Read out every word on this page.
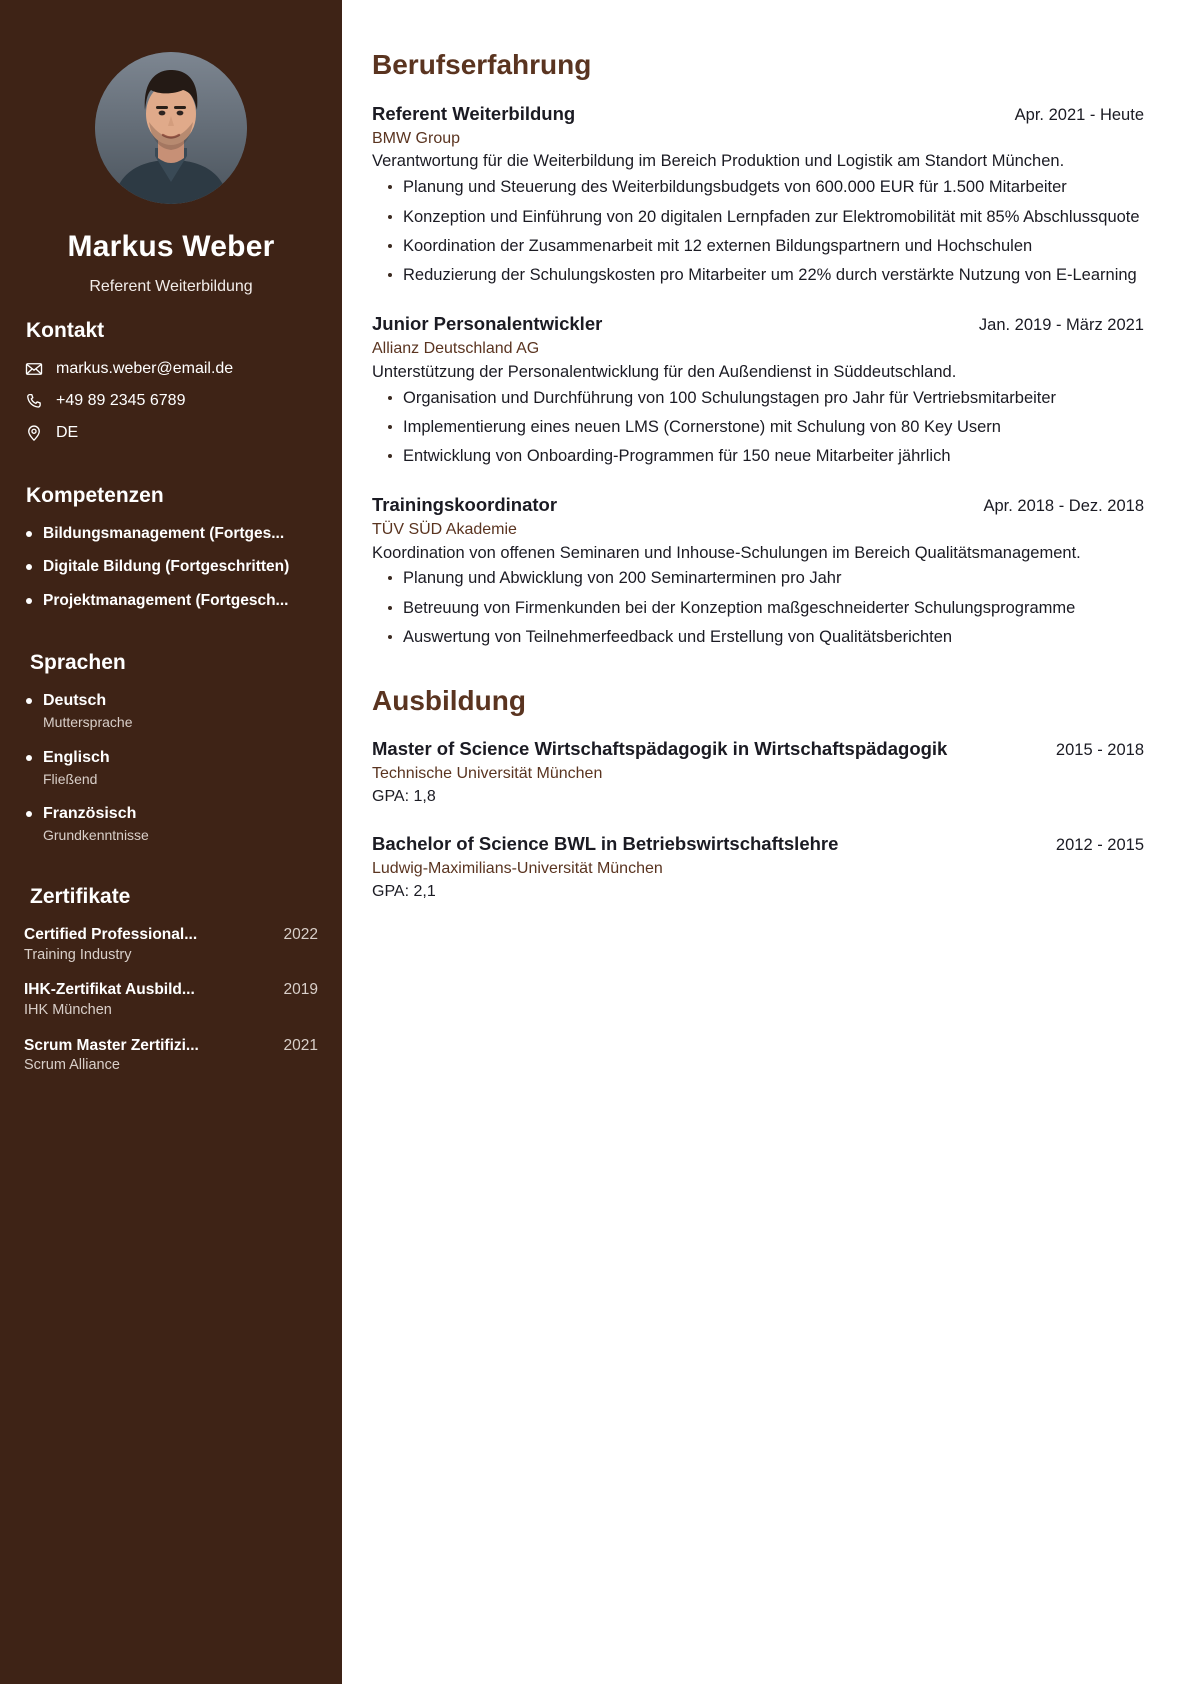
Markus Weber
Referent Weiterbildung
Kontakt
markus.weber@email.de
+49 89 2345 6789
DE
Kompetenzen
Bildungsmanagement (Fortges...
Digitale Bildung (Fortgeschritten)
Projektmanagement (Fortgesch...
Sprachen
Deutsch
Muttersprache
Englisch
Fließend
Französisch
Grundkenntnisse
Zertifikate
Certified Professional...	2022
Training Industry
IHK-Zertifikat Ausbild...	2019
IHK München
Scrum Master Zertifizi...	2021
Scrum Alliance
Berufserfahrung
Referent Weiterbildung	Apr. 2021 - Heute
BMW Group
Verantwortung für die Weiterbildung im Bereich Produktion und Logistik am Standort München.
Planung und Steuerung des Weiterbildungsbudgets von 600.000 EUR für 1.500 Mitarbeiter
Konzeption und Einführung von 20 digitalen Lernpfaden zur Elektromobilität mit 85% Abschlussquote
Koordination der Zusammenarbeit mit 12 externen Bildungspartnern und Hochschulen
Reduzierung der Schulungskosten pro Mitarbeiter um 22% durch verstärkte Nutzung von E-Learning
Junior Personalentwickler	Jan. 2019 - März 2021
Allianz Deutschland AG
Unterstützung der Personalentwicklung für den Außendienst in Süddeutschland.
Organisation und Durchführung von 100 Schulungstagen pro Jahr für Vertriebsmitarbeiter
Implementierung eines neuen LMS (Cornerstone) mit Schulung von 80 Key Usern
Entwicklung von Onboarding-Programmen für 150 neue Mitarbeiter jährlich
Trainingskoordinator	Apr. 2018 - Dez. 2018
TÜV SÜD Akademie
Koordination von offenen Seminaren und Inhouse-Schulungen im Bereich Qualitätsmanagement.
Planung und Abwicklung von 200 Seminarterminen pro Jahr
Betreuung von Firmenkunden bei der Konzeption maßgeschneiderter Schulungsprogramme
Auswertung von Teilnehmerfeedback und Erstellung von Qualitätsberichten
Ausbildung
Master of Science Wirtschaftspädagogik in Wirtschaftspädagogik	2015 - 2018
Technische Universität München
GPA: 1,8
Bachelor of Science BWL in Betriebswirtschaftslehre	2012 - 2015
Ludwig-Maximilians-Universität München
GPA: 2,1
